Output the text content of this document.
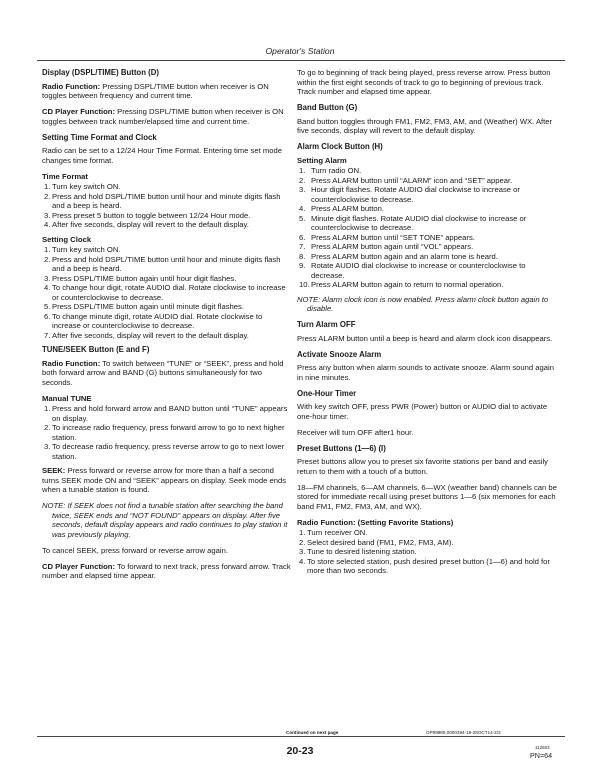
Operator's Station
Display (DSPL/TIME) Button (D)

Radio Function: Pressing DSPL/TIME button when receiver is ON toggles between frequency and current time.

CD Player Function: Pressing DSPL/TIME button when receiver is ON toggles between track number/elapsed time and current time.

Setting Time Format and Clock

Radio can be set to a 12/24 Hour Time Format. Entering time set mode changes time format.

Time Format
1. Turn key switch ON.
2. Press and hold DSPL/TIME button until hour and minute digits flash and a beep is heard.
3. Press preset 5 button to toggle between 12/24 Hour mode.
4. After five seconds, display will revert to the default display.
Setting Clock
1. Turn key switch ON.
2. Press and hold DSPL/TIME button until hour and minute digits flash and a beep is heard.
3. Press DSPL/TIME button again until hour digit flashes.
4. To change hour digit, rotate AUDIO dial. Rotate clockwise to increase or counterclockwise to decrease.
5. Press DSPL/TIME button again until minute digit flashes.
6. To change minute digit, rotate AUDIO dial. Rotate clockwise to increase or counterclockwise to decrease.
7. After five seconds, display will revert to the default display.
TUNE/SEEK Button (E and F)

Radio Function: To switch between “TUNE” or “SEEK”, press and hold both forward arrow and BAND (G) buttons simultaneously for two seconds.

Manual TUNE
1. Press and hold forward arrow and BAND button until “TUNE” appears on display.
2. To increase radio frequency, press forward arrow to go to next higher station.
3. To decrease radio frequency, press reverse arrow to go to next lower station.

SEEK: Press forward or reverse arrow for more than a half a second turns SEEK mode ON and “SEEK” appears on display. Seek mode ends when a tunable station is found.

NOTE: If SEEK does not find a tunable station after searching the band twice, SEEK ends and “NOT FOUND” appears on display. After five seconds, default display appears and radio continues to play station it was previously playing.

To cancel SEEK, press forward or reverse arrow again.

CD Player Function: To forward to next track, press forward arrow. Track number and elapsed time appear.

To go to beginning of track being played, press reverse arrow. Press button within the first eight seconds of track to go to beginning of previous track. Track number and elapsed time appear.

Band Button (G)

Band button toggles through FM1, FM2, FM3, AM, and (Weather) WX. After five seconds, display will revert to the default display.

Alarm Clock Button (H)
Setting Alarm
1. Turn radio ON.
2. Press ALARM button until “ALARM” icon and “SET” appear.
3. Hour digit flashes. Rotate AUDIO dial clockwise to increase or counterclockwise to decrease.
4. Press ALARM button.
5. Minute digit flashes. Rotate AUDIO dial clockwise to increase or counterclockwise to decrease.
6. Press ALARM button until “SET TONE” appears.
7. Press ALARM button again until “VOL” appears.
8. Press ALARM button again and an alarm tone is heard.
9. Rotate AUDIO dial clockwise to increase or counterclockwise to decrease.
10. Press ALARM button again to return to normal operation.

NOTE: Alarm clock icon is now enabled. Press alarm clock button again to disable.

Turn Alarm OFF

Press ALARM button until a beep is heard and alarm clock icon disappears.

Activate Snooze Alarm

Press any button when alarm sounds to activate snooze. Alarm sound again in nine minutes.

One-Hour Timer

With key switch OFF, press PWR (Power) button or AUDIO dial to activate one-hour timer.

Receiver will turn OFF after1 hour.

Preset Buttons (1—6) (I)

Preset buttons allow you to preset six favorite stations per band and easily return to them with a touch of a button.

18—FM channels, 6—AM channels, 6—WX (weather band) channels can be stored for immediate recall using preset buttons 1—6 (six memories for each band FM1, FM2, FM3, AM, and WX).

Radio Function: (Setting Favorite Stations)
1. Turn receiver ON.
2. Select desired band (FM1, FM2, FM3, AM).
3. Tune to desired listening station.
4. To store selected station, push desired preset button (1—6) and hold for more than two seconds.
Continued on next page	OP99989,0000394-19-28OCT14-2/3
20-23	112603
PN=64
